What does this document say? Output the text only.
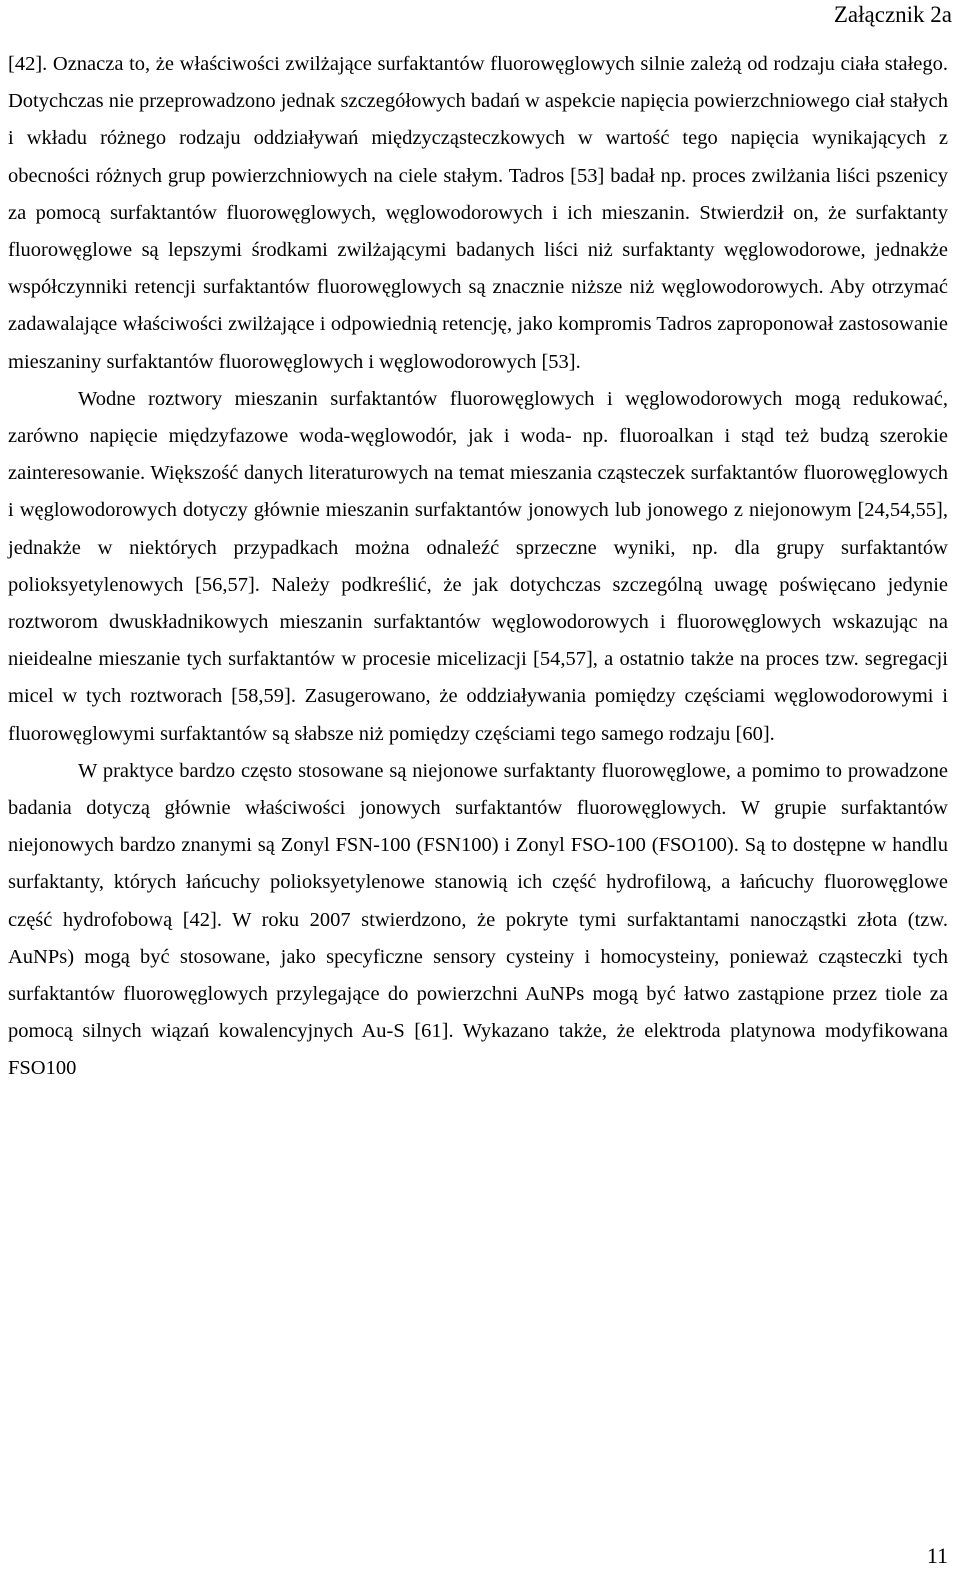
Załącznik 2a

[42]. Oznacza to, że właściwości zwilżające surfaktantów fluorowęglowych silnie zależą od rodzaju ciała stałego. Dotychczas nie przeprowadzono jednak szczegółowych badań w aspekcie napięcia powierzchniowego ciał stałych i wkładu różnego rodzaju oddziaływań międzycząsteczkowych w wartość tego napięcia wynikających z obecności różnych grup powierzchniowych na ciele stałym. Tadros [53] badał np. proces zwilżania liści pszenicy za pomocą surfaktantów fluorowęglowych, węglowodorowych i ich mieszanin. Stwierdził on, że surfaktanty fluorowęglowe są lepszymi środkami zwilżającymi badanych liści niż surfaktanty węglowodorowe, jednakże współczynniki retencji surfaktantów fluorowęglowych są znacznie niższe niż węglowodorowych. Aby otrzymać zadawalające właściwości zwilżające i odpowiednią retencję, jako kompromis Tadros zaproponował zastosowanie mieszaniny surfaktantów fluorowęglowych i węglowodorowych [53].

Wodne roztwory mieszanin surfaktantów fluorowęglowych i węglowodorowych mogą redukować, zarówno napięcie międzyfazowe woda-węglowodór, jak i woda- np. fluoroalkan i stąd też budzą szerokie zainteresowanie. Większość danych literaturowych na temat mieszania cząsteczek surfaktantów fluorowęglowych i węglowodorowych dotyczy głównie mieszanin surfaktantów jonowych lub jonowego z niejonowym [24,54,55], jednakże w niektórych przypadkach można odnaleźć sprzeczne wyniki, np. dla grupy surfaktantów polioksyetylenowych [56,57]. Należy podkreślić, że jak dotychczas szczególną uwagę poświęcano jedynie roztworom dwuskładnikowych mieszanin surfaktantów węglowodorowych i fluorowęglowych wskazując na nieidealne mieszanie tych surfaktantów w procesie micelizacji [54,57], a ostatnio także na proces tzw. segregacji micel w tych roztworach [58,59]. Zasugerowano, że oddziaływania pomiędzy częściami węglowodorowymi i fluorowęglowymi surfaktantów są słabsze niż pomiędzy częściami tego samego rodzaju [60].

W praktyce bardzo często stosowane są niejonowe surfaktanty fluorowęglowe, a pomimo to prowadzone badania dotyczą głównie właściwości jonowych surfaktantów fluorowęglowych. W grupie surfaktantów niejonowych bardzo znanymi są Zonyl FSN-100 (FSN100) i Zonyl FSO-100 (FSO100). Są to dostępne w handlu surfaktanty, których łańcuchy polioksyetylenowe stanowią ich część hydrofilową, a łańcuchy fluorowęglowe część hydrofobową [42]. W roku 2007 stwierdzono, że pokryte tymi surfaktantami nanocząstki złota (tzw. AuNPs) mogą być stosowane, jako specyficzne sensory cysteiny i homocysteiny, ponieważ cząsteczki tych surfaktantów fluorowęglowych przylegające do powierzchni AuNPs mogą być łatwo zastąpione przez tiole za pomocą silnych wiązań kowalencyjnych Au-S [61]. Wykazano także, że elektroda platynowa modyfikowana FSO100

11
